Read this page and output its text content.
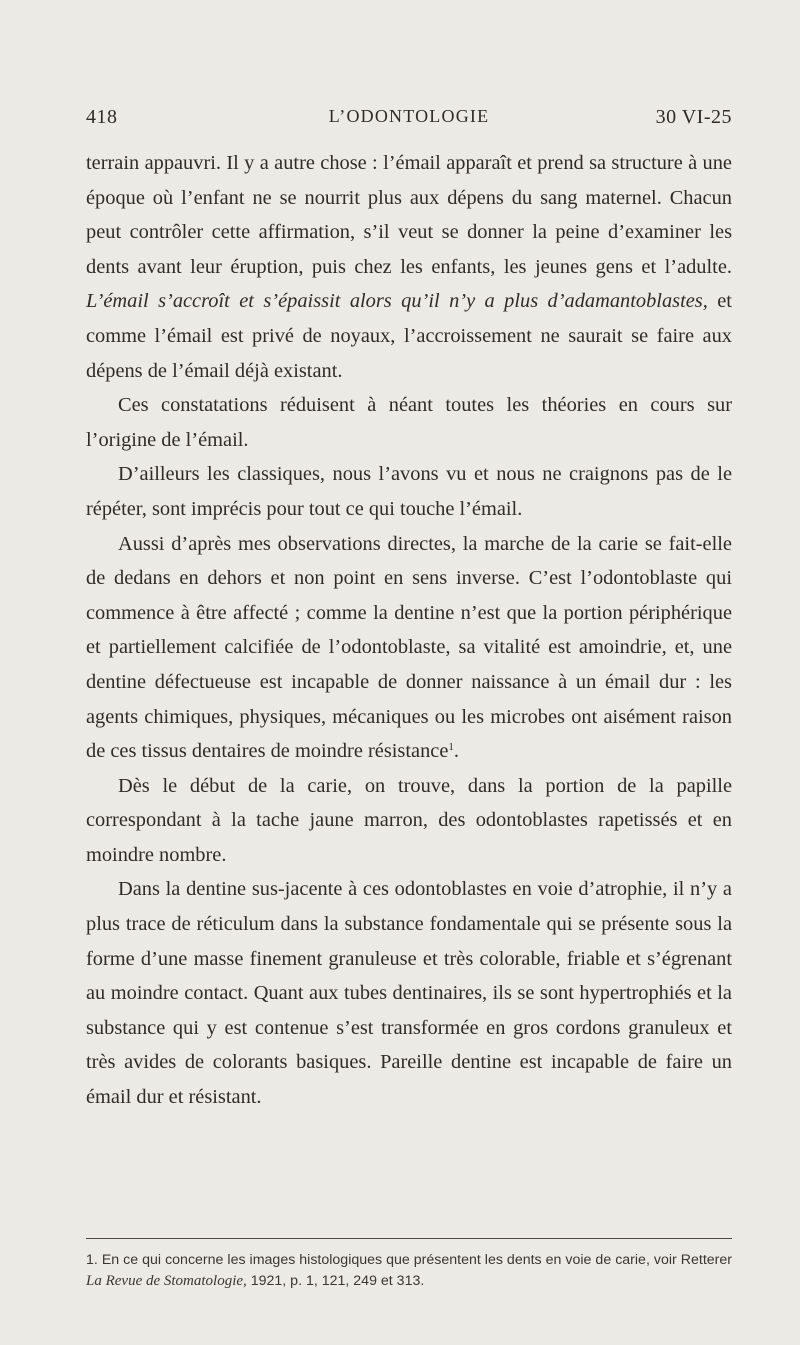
418	L’ODONTOLOGIE	30 VI-25

terrain appauvri. Il y a autre chose : l’émail apparaît et prend sa structure à une époque où l’enfant ne se nourrit plus aux dépens du sang maternel. Chacun peut contrôler cette affirmation, s’il veut se donner la peine d’examiner les dents avant leur éruption, puis chez les enfants, les jeunes gens et l’adulte. L’émail s’accroît et s’épaissit alors qu’il n’y a plus d’adamantoblastes, et comme l’émail est privé de noyaux, l’accroissement ne saurait se faire aux dépens de l’émail déjà existant.

Ces constatations réduisent à néant toutes les théories en cours sur l’origine de l’émail.

D’ailleurs les classiques, nous l’avons vu et nous ne craignons pas de le répéter, sont imprécis pour tout ce qui touche l’émail.

Aussi d’après mes observations directes, la marche de la carie se fait-elle de dedans en dehors et non point en sens inverse. C’est l’odontoblaste qui commence à être affecté ; comme la dentine n’est que la portion périphérique et partiellement calcifiée de l’odontoblaste, sa vitalité est amoindrie, et, une dentine défectueuse est incapable de donner naissance à un émail dur : les agents chimiques, physiques, mécaniques ou les microbes ont aisément raison de ces tissus dentaires de moindre résistance$^1$.

Dès le début de la carie, on trouve, dans la portion de la papille correspondant à la tache jaune marron, des odontoblastes rapetissés et en moindre nombre.

Dans la dentine sus-jacente à ces odontoblastes en voie d’atrophie, il n’y a plus trace de réticulum dans la substance fondamentale qui se présente sous la forme d’une masse finement granuleuse et très colorable, friable et s’égrenant au moindre contact. Quant aux tubes dentinaires, ils se sont hypertrophiés et la substance qui y est contenue s’est transformée en gros cordons granuleux et très avides de colorants basiques. Pareille dentine est incapable de faire un émail dur et résistant.

1. En ce qui concerne les images histologiques que présentent les dents en voie de carie, voir Retterer La Revue de Stomatologie, 1921, p. 1, 121, 249 et 313.
